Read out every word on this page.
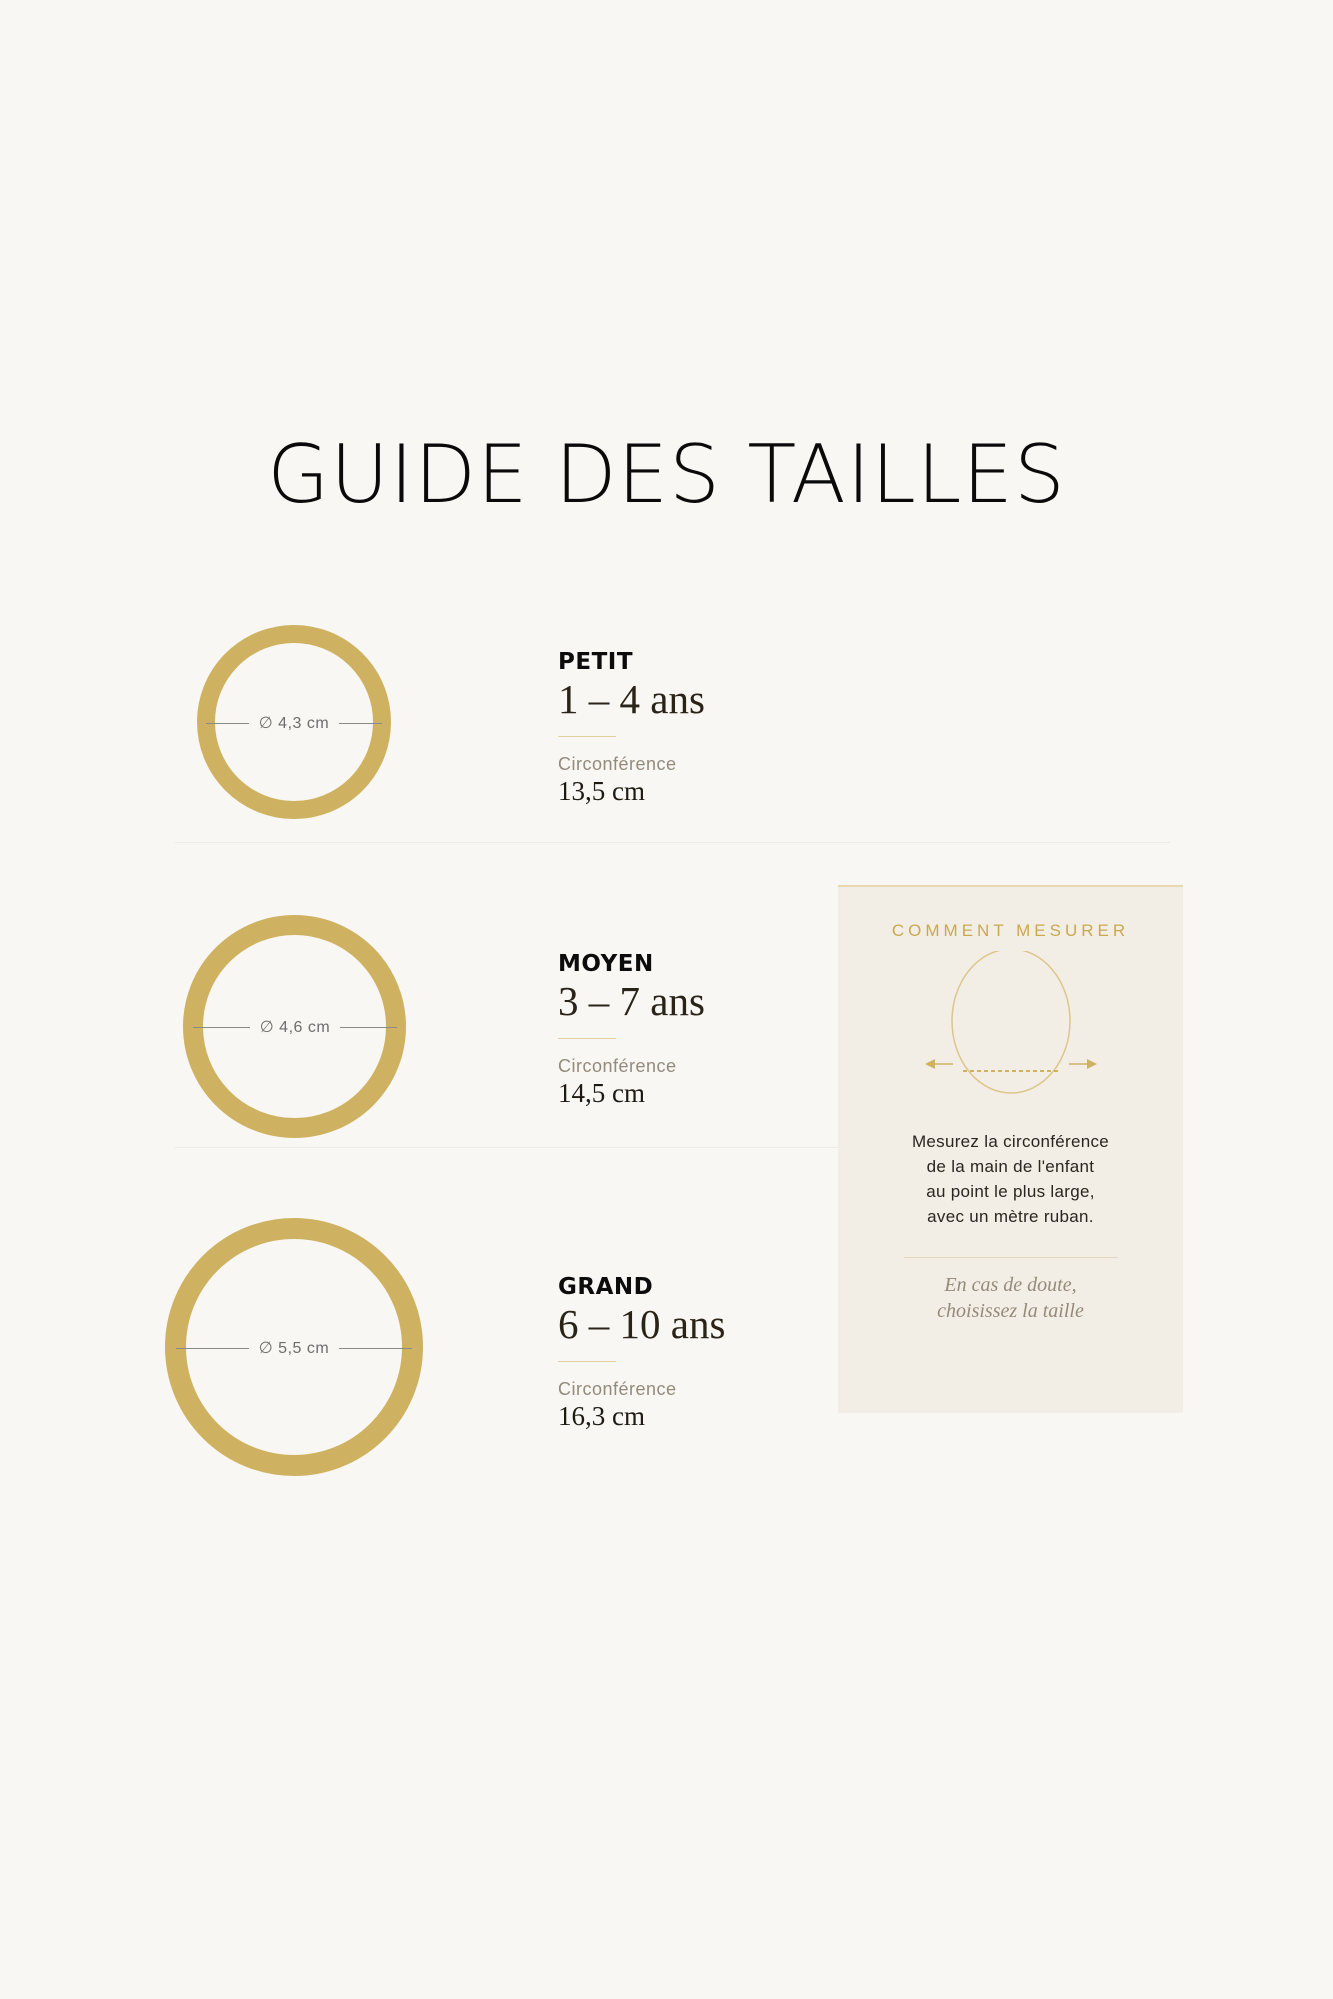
GUIDE DES TAILLES
∅ 4,3 cm
PETIT
1 – 4 ans
Circonférence
13,5 cm
∅ 4,6 cm
MOYEN
3 – 7 ans
Circonférence
14,5 cm
∅ 5,5 cm
GRAND
6 – 10 ans
Circonférence
16,3 cm
COMMENT MESURER
Mesurez la circonférence
de la main de l'enfant
au point le plus large,
avec un mètre ruban.
En cas de doute,
choisissez la taille
